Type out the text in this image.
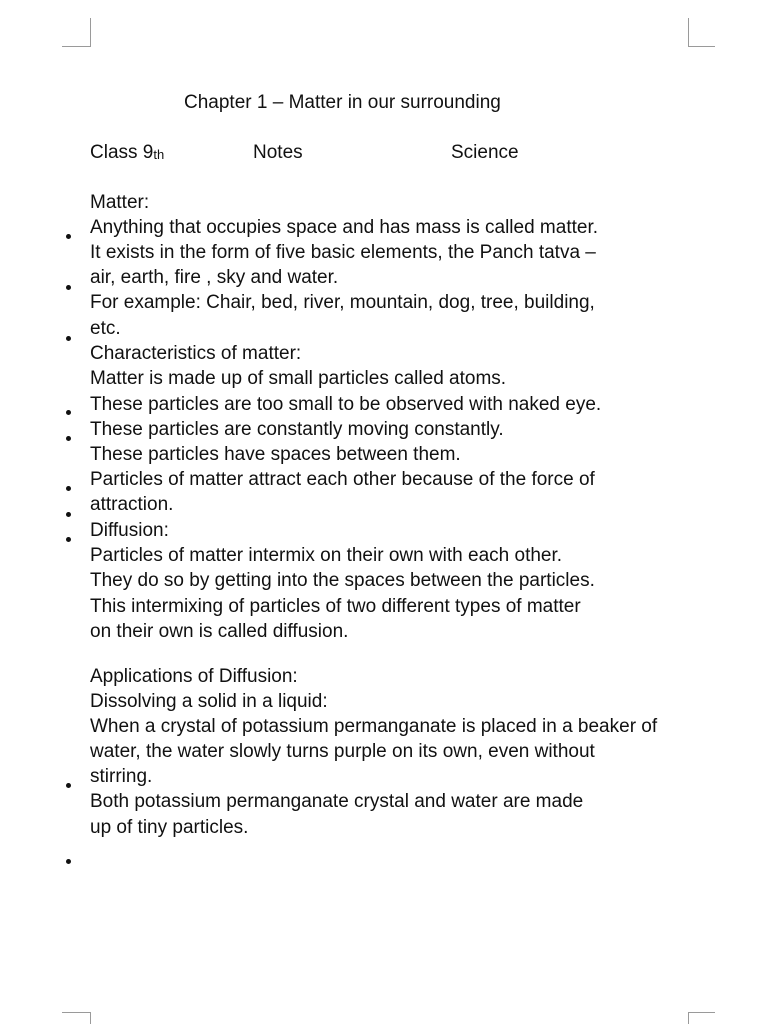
Chapter 1 – Matter in our surrounding
Class $9_{th}$	Notes	Science
Matter:
Anything that occupies space and has mass is called matter.
It exists in the form of five basic elements, the Panch tatva –
air, earth, fire , sky and water.
For example: Chair, bed, river, mountain, dog, tree, building,
etc.
Characteristics of matter:
Matter is made up of small particles called atoms.
These particles are too small to be observed with naked eye.
These particles are constantly moving constantly.
These particles have spaces between them.
Particles of matter attract each other because of the force of
attraction.
Diffusion:
Particles of matter intermix on their own with each other.
They do so by getting into the spaces between the particles.
This intermixing of particles of two different types of matter
on their own is called diffusion.
Applications of Diffusion:
Dissolving a solid in a liquid:
When a crystal of potassium permanganate is placed in a beaker of
water, the water slowly turns purple on its own, even without
stirring.
Both potassium permanganate crystal and water are made
up of tiny particles.
